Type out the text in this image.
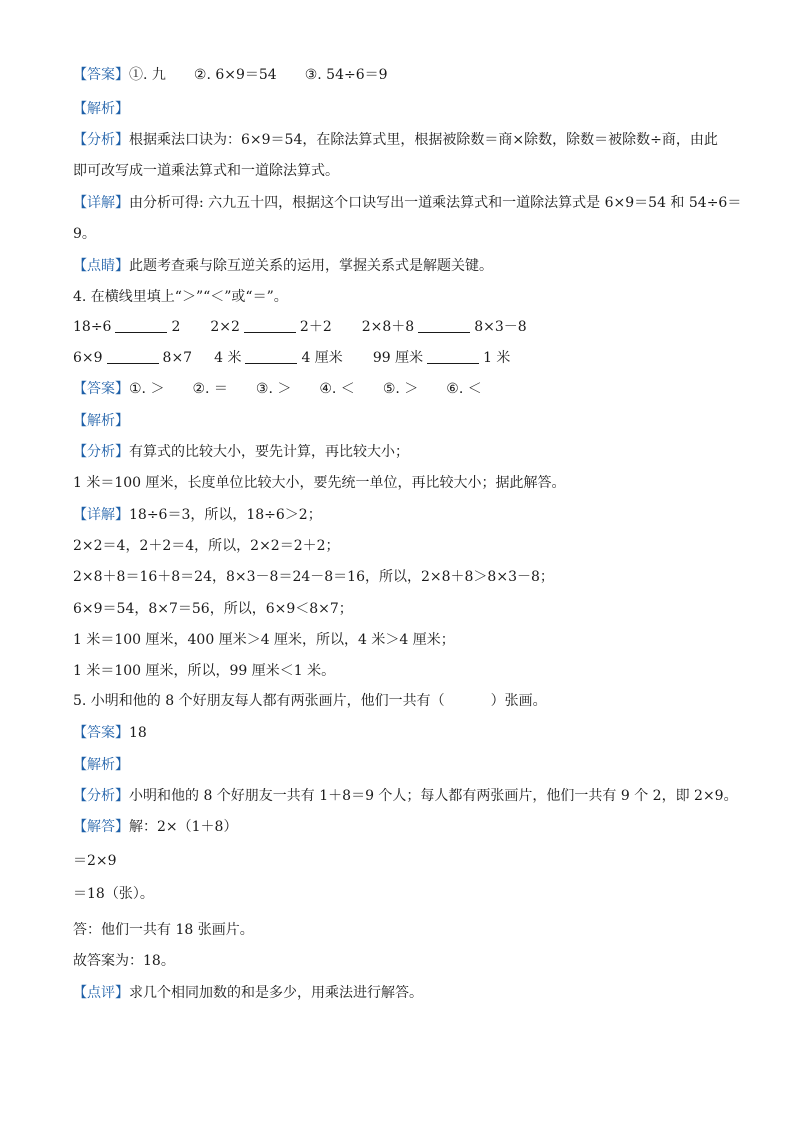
【答案】①. 九 ②. 6×9＝54 ③. 54÷6＝9
【解析】
【分析】根据乘法口诀为：6×9＝54，在除法算式里，根据被除数＝商×除数，除数＝被除数÷商，由此
即可改写成一道乘法算式和一道除法算式。
【详解】由分析可得: 六九五十四，根据这个口诀写出一道乘法算式和一道除法算式是 6×9＝54 和 54÷6＝
9。
【点睛】此题考查乘与除互逆关系的运用，掌握关系式是解题关键。
4. 在横线里填上“＞”“＜”或“＝”。
18÷6	2 2×2	2＋2 2×8＋8	8×3－8
6×9	8×7 4 米	4 厘米 99 厘米	1 米
【答案】①. ＞ ②. ＝ ③. ＞ ④. ＜ ⑤. ＞ ⑥. ＜
【解析】
【分析】有算式的比较大小，要先计算，再比较大小；
1 米＝100 厘米，长度单位比较大小，要先统一单位，再比较大小；据此解答。
【详解】18÷6＝3，所以，18÷6＞2；
2×2＝4，2＋2＝4，所以，2×2＝2＋2；
2×8＋8＝16＋8＝24，8×3－8＝24－8＝16，所以，2×8＋8＞8×3－8；
6×9＝54，8×7＝56，所以，6×9＜8×7；
1 米＝100 厘米，400 厘米＞4 厘米，所以，4 米＞4 厘米；
1 米＝100 厘米，所以，99 厘米＜1 米。
5. 小明和他的 8 个好朋友每人都有两张画片，他们一共有（	）张画。
【答案】18
【解析】
【分析】小明和他的 8 个好朋友一共有 1＋8＝9 个人；每人都有两张画片，他们一共有 9 个 2，即 2×9。
【解答】解：2×（1＋8）
＝2×9
＝18（张）。
答：他们一共有 18 张画片。
故答案为：18。
【点评】求几个相同加数的和是多少，用乘法进行解答。
